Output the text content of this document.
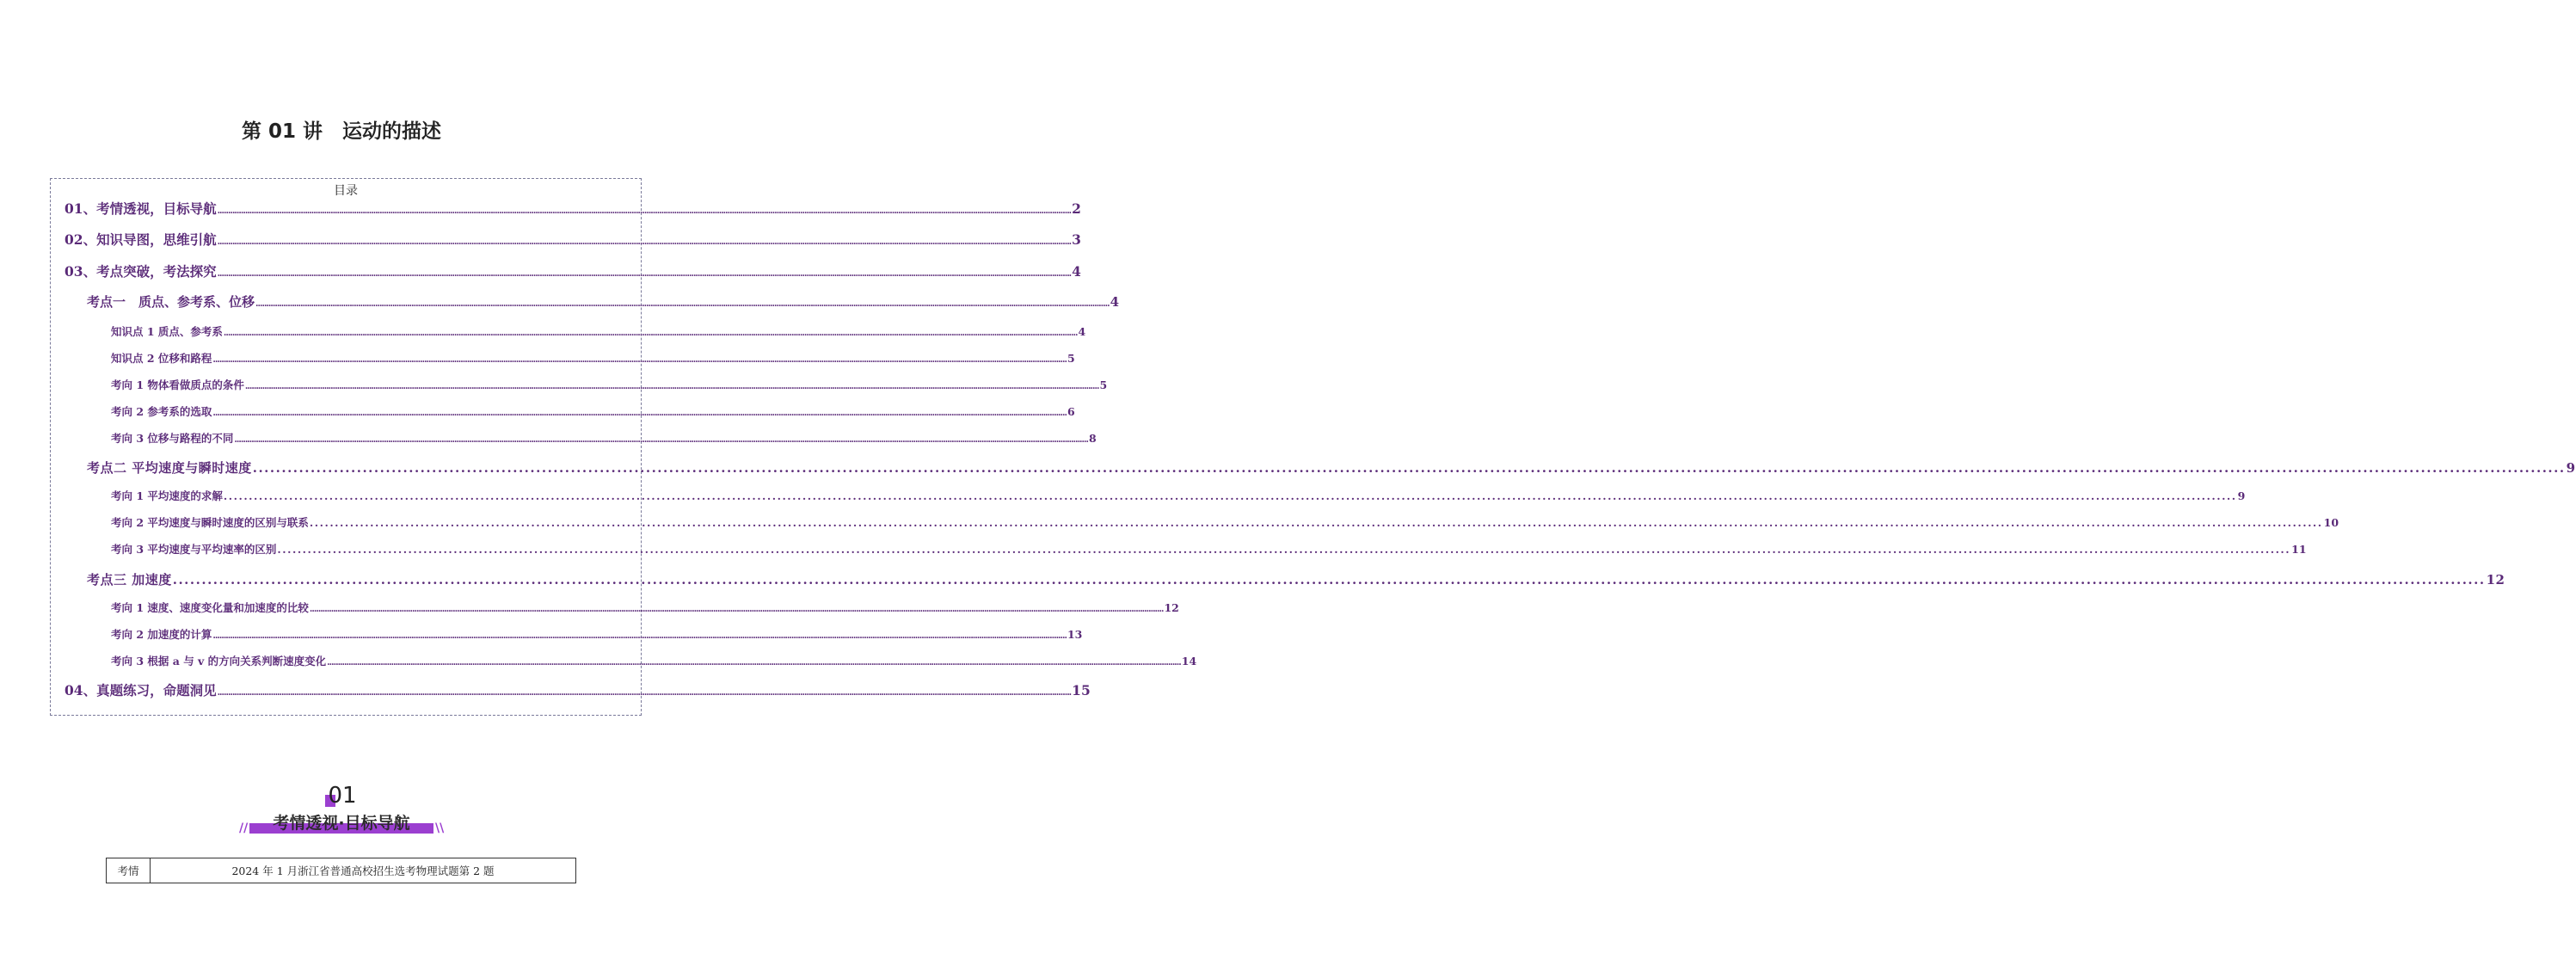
第 01 讲　运动的描述
目录
01、考情透视，目标导航 ................................................................................................................................................................................................................................................................................................................................................................................................................ 2
02、知识导图，思维引航 ................................................................................................................................................................................................................................................................................................................................................................................................................ 3
03、考点突破，考法探究 ................................................................................................................................................................................................................................................................................................................................................................................................................ 4
考点一　质点、参考系、位移 ................................................................................................................................................................................................................................................................................................................................................................................................................ 4
知识点 1 质点、参考系 ................................................................................................................................................................................................................................................................................................................................................................................................................ 4
知识点 2 位移和路程 ................................................................................................................................................................................................................................................................................................................................................................................................................ 5
考向 1 物体看做质点的条件 ................................................................................................................................................................................................................................................................................................................................................................................................................ 5
考向 2 参考系的选取 ................................................................................................................................................................................................................................................................................................................................................................................................................ 6
考向 3 位移与路程的不同 ................................................................................................................................................................................................................................................................................................................................................................................................................ 8
考点二 平均速度与瞬时速度 ................................................................................................................................................................................................................................................................................................................................................................................................................ 9
考向 1 平均速度的求解 ................................................................................................................................................................................................................................................................................................................................................................................................................ 9
考向 2 平均速度与瞬时速度的区别与联系 ................................................................................................................................................................................................................................................................................................................................................................................................................ 10
考向 3 平均速度与平均速率的区别 ................................................................................................................................................................................................................................................................................................................................................................................................................ 11
考点三 加速度 ................................................................................................................................................................................................................................................................................................................................................................................................................ 12
考向 1 速度、速度变化量和加速度的比较 ................................................................................................................................................................................................................................................................................................................................................................................................................ 12
考向 2 加速度的计算 ................................................................................................................................................................................................................................................................................................................................................................................................................ 13
考向 3 根据 a 与 v 的方向关系判断速度变化 ................................................................................................................................................................................................................................................................................................................................................................................................................ 14
04、真题练习，命题洞见 ................................................................................................................................................................................................................................................................................................................................................................................................................ 15
01
//	\\
考情透视·目标导航
考情	2024 年 1 月浙江省普通高校招生选考物理试题第 2 题
